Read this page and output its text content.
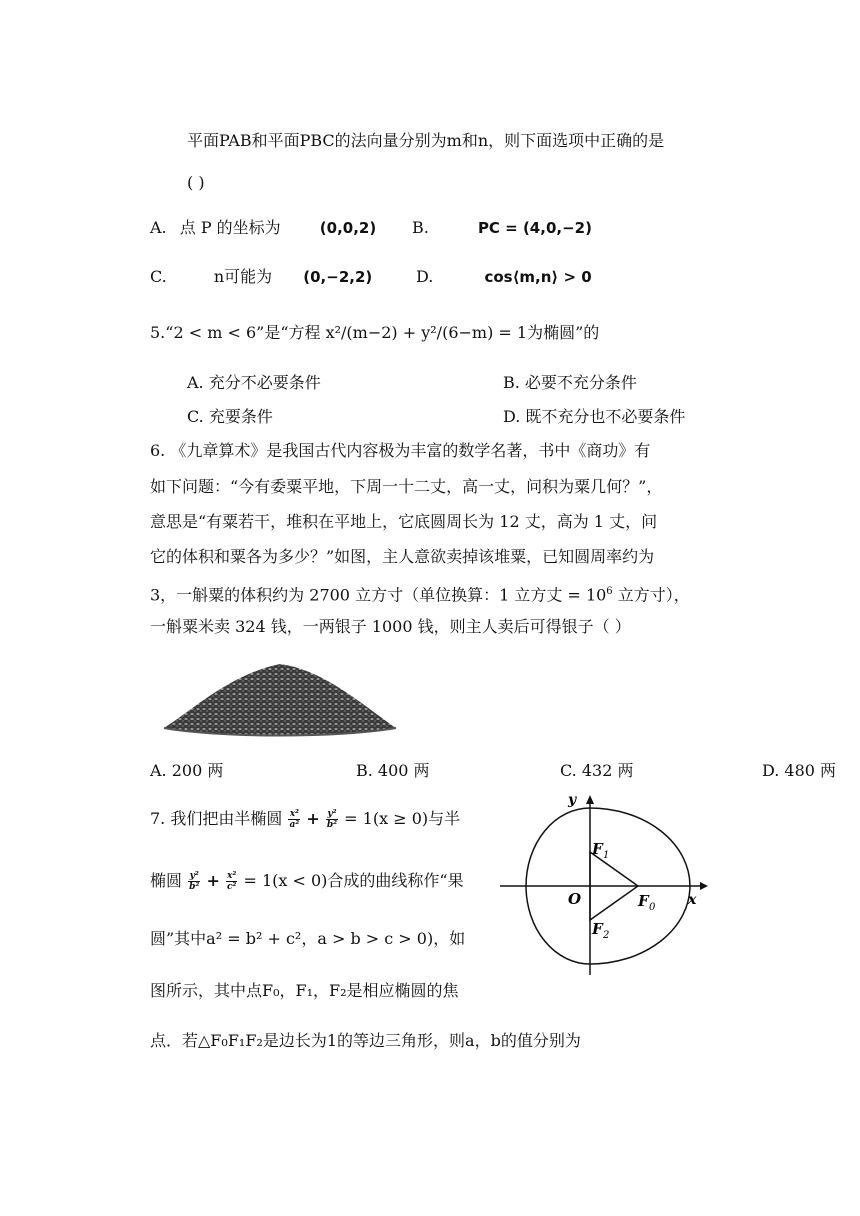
平面PAB和平面PBC的法向量分别为m和n，则下面选项中正确的是
( )
A. 点 P 的坐标为	(0,0,2) B.	PC = (4,0,−2)
C.	n可能为 (0,−2,2)	D.	cos⟨m,n⟩ > 0
5.“2 < m < 6”是“方程 x²/(m−2) + y²/(6−m) = 1为椭圆”的
A. 充分不必要条件	B. 必要不充分条件
C. 充要条件	D. 既不充分也不必要条件
6. 《九章算术》是我国古代内容极为丰富的数学名著，书中《商功》有
如下问题：“今有委粟平地，下周一十二丈，高一丈，问积为粟几何？”，
意思是“有粟若干，堆积在平地上，它底圆周长为 12 丈，高为 1 丈，问
它的体积和粟各为多少？”如图，主人意欲卖掉该堆粟，已知圆周率约为
3，一斛粟的体积约为 2700 立方寸（单位换算：1 立方丈 = $10^6$ 立方寸），
一斛粟米卖 324 钱，一两银子 1000 钱，则主人卖后可得银子（ ）
A. 200 两	B. 400 两	C. 432 两	D. 480 两
7. 我们把由半椭圆 $\frac{\text{x²}}{\text{a²}} + \frac{\text{y²}}{\text{b²}} = 1(x \ge 0)$与半
椭圆 $\frac{\text{y²}}{\text{b²}} + \frac{\text{x²}}{\text{c²}} = 1(x < 0)$合成的曲线称作“果
圆”其中a² = b² + c²，a > b > c > 0)，如
图所示，其中点F₀，F₁，F₂是相应椭圆的焦
点．若△F₀F₁F₂是边长为1的等边三角形，则a，b的值分别为
y
x
O	F 0
F 1
F 2
